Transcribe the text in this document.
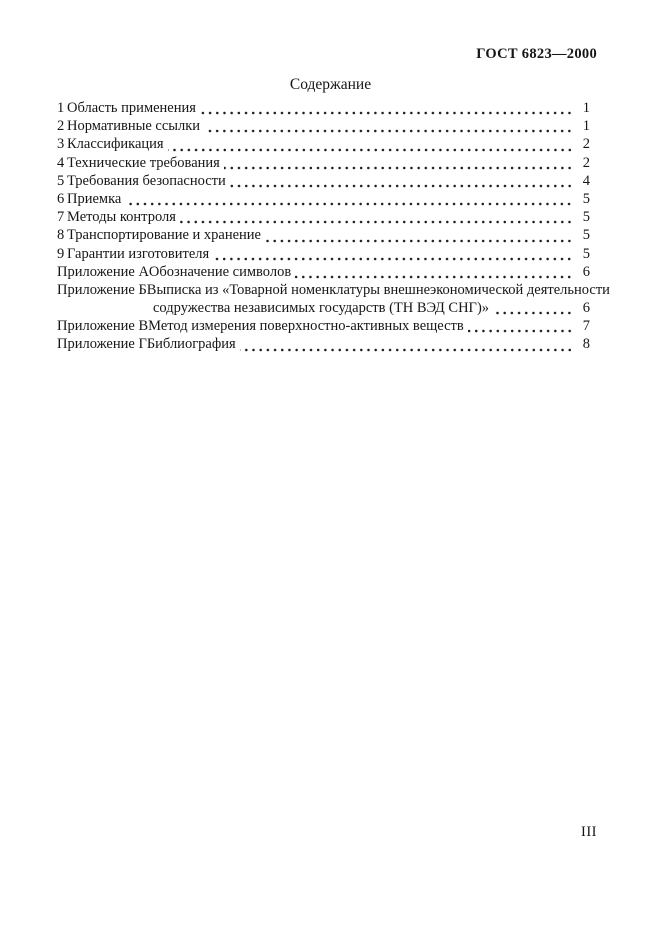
ГОСТ 6823—2000
Содержание
1 Область применения	1
2 Нормативные ссылки	1
3 Классификация	2
4 Технические требования	2
5 Требования безопасности	4
6 Приемка	5
7 Методы контроля	5
8 Транспортирование и хранение	5
9 Гарантии изготовителя	5
Приложение А Обозначение символов	6
Приложение Б Выписка из «Товарной номенклатуры внешнеэкономической деятельности
содружества независимых государств (ТН ВЭД СНГ)»	6
Приложение В Метод измерения поверхностно-активных веществ	7
Приложение Г Библиография	8
III
